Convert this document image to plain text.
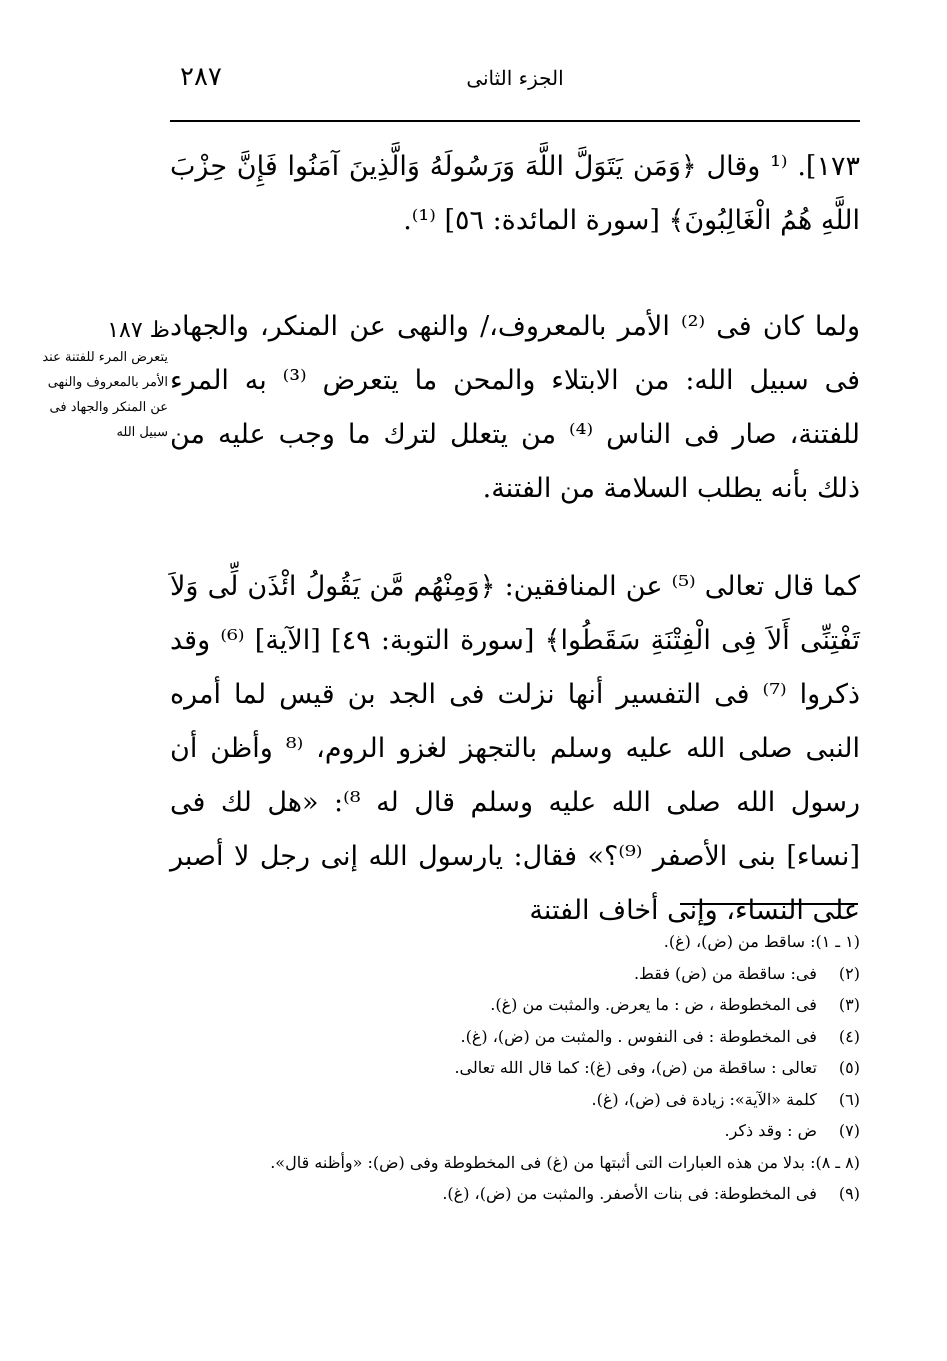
٢٨٧	الجزء الثانى
١٧٣]. ⁽¹ وقال ﴿وَمَن يَتَوَلَّ اللَّهَ وَرَسُولَهُ وَالَّذِينَ آمَنُوا فَإِنَّ حِزْبَ اللَّهِ هُمُ الْغَالِبُونَ﴾ [سورة المائدة: ٥٦] ⁽¹⁾.
ولما كان فى ⁽²⁾ الأمر بالمعروف،/ والنهى عن المنكر، والجهاد فى سبيل الله: من الابتلاء والمحن ما يتعرض ⁽³⁾ به المرء للفتنة، صار فى الناس ⁽⁴⁾ من يتعلل لترك ما وجب عليه من ذلك بأنه يطلب السلامة من الفتنة.
كما قال تعالى ⁽⁵⁾ عن المنافقين: ﴿وَمِنْهُم مَّن يَقُولُ ائْذَن لِّى وَلاَ تَفْتِنِّى أَلاَ فِى الْفِتْنَةِ سَقَطُوا﴾ [سورة التوبة: ٤٩] [الآية] ⁽⁶⁾ وقد ذكروا ⁽⁷⁾ فى التفسير أنها نزلت فى الجد بن قيس لما أمره النبى صلى الله عليه وسلم بالتجهز لغزو الروم، ⁽⁸ وأظن أن رسول الله صلى الله عليه وسلم قال له ⁸⁾: «هل لك فى [نساء] بنى الأصفر ⁽⁹⁾؟» فقال: يارسول الله إنى رجل لا أصبر على النساء، وإنى أخاف الفتنة
ظ ١٨٧
يتعرض المرء للفتنة عند الأمر بالمعروف والنهى عن المنكر والجهاد فى سبيل الله
(١ ـ ١): ساقط من (ض)، (غ).
(٢) فى: ساقطة من (ض) فقط.
(٣) فى المخطوطة ، ض : ما يعرض. والمثبت من (غ).
(٤) فى المخطوطة : فى النفوس . والمثبت من (ض)، (غ).
(٥) تعالى : ساقطة من (ض)، وفى (غ): كما قال الله تعالى.
(٦) كلمة «الآية»: زيادة فى (ض)، (غ).
(٧) ض : وقد ذكر.
(٨ ـ ٨): بدلا من هذه العبارات التى أثبتها من (غ) فى المخطوطة وفى (ض): «وأظنه قال».
(٩) فى المخطوطة: فى بنات الأصفر. والمثبت من (ض)، (غ).
